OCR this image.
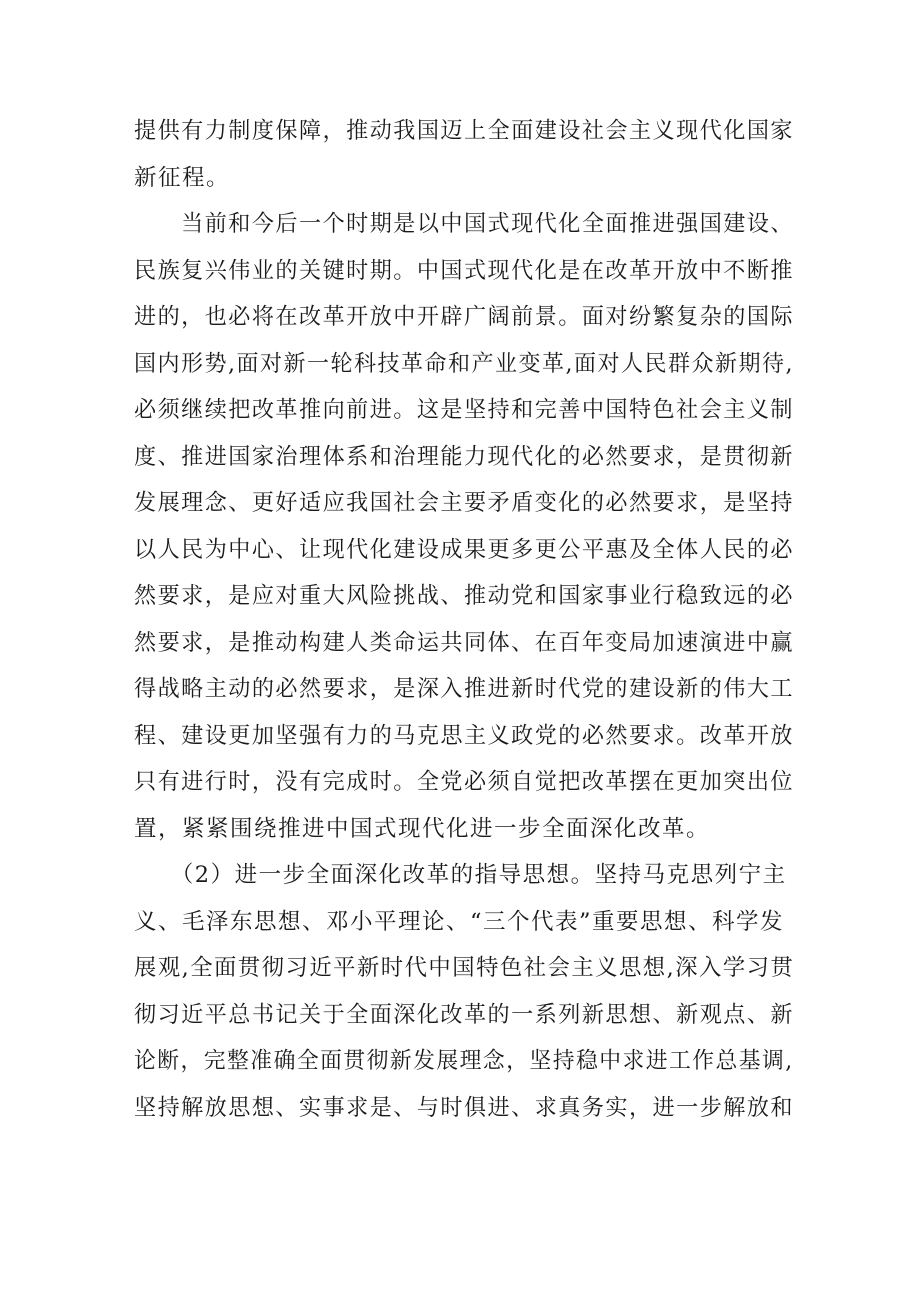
提供有力制度保障，推动我国迈上全面建设社会主义现代化国家
新征程。
　　当前和今后一个时期是以中国式现代化全面推进强国建设、
民族复兴伟业的关键时期。中国式现代化是在改革开放中不断推
进的，也必将在改革开放中开辟广阔前景。面对纷繁复杂的国际
国内形势,面对新一轮科技革命和产业变革,面对人民群众新期待,
必须继续把改革推向前进。这是坚持和完善中国特色社会主义制
度、推进国家治理体系和治理能力现代化的必然要求，是贯彻新
发展理念、更好适应我国社会主要矛盾变化的必然要求，是坚持
以人民为中心、让现代化建设成果更多更公平惠及全体人民的必
然要求，是应对重大风险挑战、推动党和国家事业行稳致远的必
然要求，是推动构建人类命运共同体、在百年变局加速演进中赢
得战略主动的必然要求，是深入推进新时代党的建设新的伟大工
程、建设更加坚强有力的马克思主义政党的必然要求。改革开放
只有进行时，没有完成时。全党必须自觉把改革摆在更加突出位
置，紧紧围绕推进中国式现代化进一步全面深化改革。
　　（2）进一步全面深化改革的指导思想。坚持马克思列宁主
义、毛泽东思想、邓小平理论、“三个代表”重要思想、科学发
展观,全面贯彻习近平新时代中国特色社会主义思想,深入学习贯
彻习近平总书记关于全面深化改革的一系列新思想、新观点、新
论断，完整准确全面贯彻新发展理念，坚持稳中求进工作总基调,
坚持解放思想、实事求是、与时俱进、求真务实，进一步解放和
